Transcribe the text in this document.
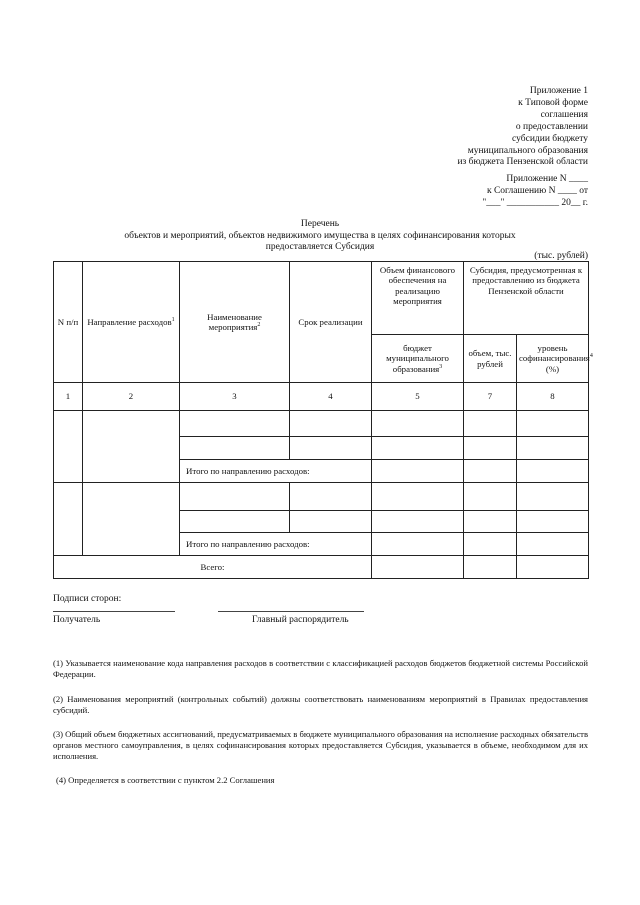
Приложение 1
к Типовой форме
соглашения
о предоставлении
субсидии бюджету
муниципального образования
из бюджета Пензенской области
Приложение N ____
к Соглашению N ____ от
"___" ___________ 20__ г.
Перечень
объектов и мероприятий, объектов недвижимого имущества в целях софинансирования которых
предоставляется Субсидия
(тыс. рублей)
N п/п	Направление расходов$^1$	Наименование мероприятия$^2$	Срок реализации	Объем финансового обеспечения на реализацию мероприятия	Субсидия, предусмотренная к предоставлению из бюджета Пензенской области	
				бюджет муниципального образования$^3$	объем, тыс. рублей	уровень софинансирования$^4$ (%)
1	2	3	4	5	7	8

		Итого по направлению расходов:				

		Итого по направлению расходов:				
Всего:						
Подписи сторон:
Получатель	Главный распорядитель
(1) Указывается наименование кода направления расходов в соответствии с классификацией расходов бюджетов бюджетной системы Российской Федерации.
(2) Наименования мероприятий (контрольных событий) должны соответствовать наименованиям мероприятий в Правилах предоставления субсидий.
(3) Общий объем бюджетных ассигнований, предусматриваемых в бюджете муниципального образования на исполнение расходных обязательств органов местного самоуправления, в целях софинансирования которых предоставляется Субсидия, указывается в объеме, необходимом для их исполнения.
(4) Определяется в соответствии с пунктом 2.2 Соглашения
